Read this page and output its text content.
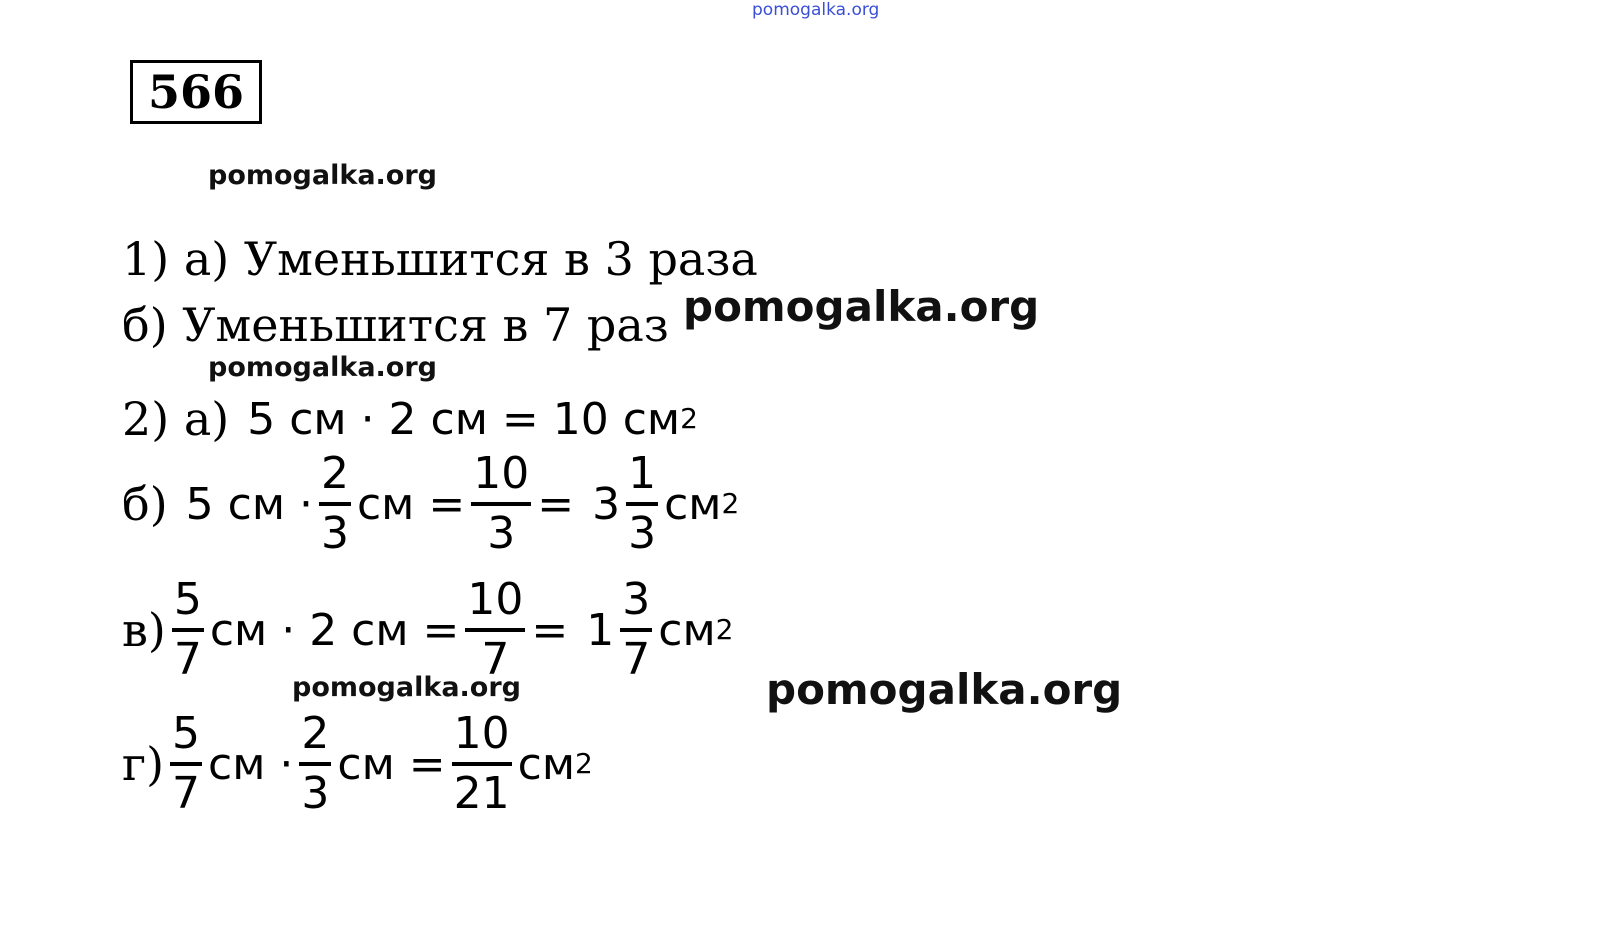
pomogalka.org
566
pomogalka.org
1) а) Уменьшится в 3 раза
б) Уменьшится в 7 раз pomogalka.org
pomogalka.org
2) а) 5 см · 2 см = 10 см 2
б) 5 см · $\frac{2}{3}$ см = $\frac{10}{3} = 3 \frac{1}{3}$ см 2
$в) \frac{5}{7}$ см · 2 см = $\frac{10}{7} = 1 \frac{3}{7}$ см 2
pomogalka.org	pomogalka.org
$г) \frac{5}{7}$ см · $\frac{2}{3}$ см = $\frac{10}{21}$ см 2
